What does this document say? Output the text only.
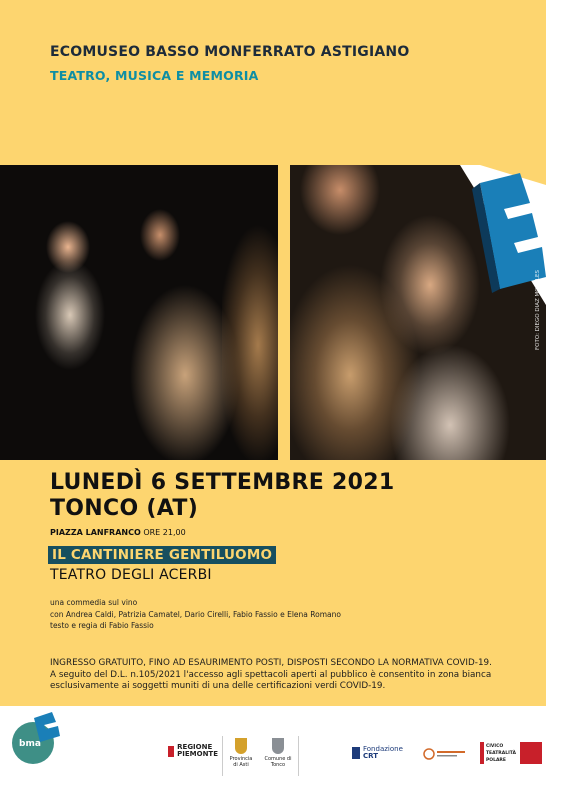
ECOMUSEO BASSO MONFERRATO ASTIGIANO
TEATRO, MUSICA E MEMORIA
FOTO: DIEGO DIAZ MORALES
LUNEDÌ 6 SETTEMBRE 2021
TONCO (AT)
PIAZZA LANFRANCO ORE 21,00
IL CANTINIERE GENTILUOMO
TEATRO DEGLI ACERBI
una commedia sul vino
con Andrea Caldi, Patrizia Camatel, Dario Cirelli, Fabio Fassio e Elena Romano
testo e regia di Fabio Fassio
INGRESSO GRATUITO, FINO AD ESAURIMENTO POSTI, DISPOSTI SECONDO LA NORMATIVA COVID-19.
A seguito del D.L. n.105/2021 l'accesso agli spettacoli aperti al pubblico è consentito in zona bianca
esclusivamente ai soggetti muniti di una delle certificazioni verdi COVID-19.
bma	REGIONE
PIEMONTE
Provincia
di Asti
Comune di
Tonco
Fondazione
CRT
CIVICO
TEATRALITÀ
POLARE
